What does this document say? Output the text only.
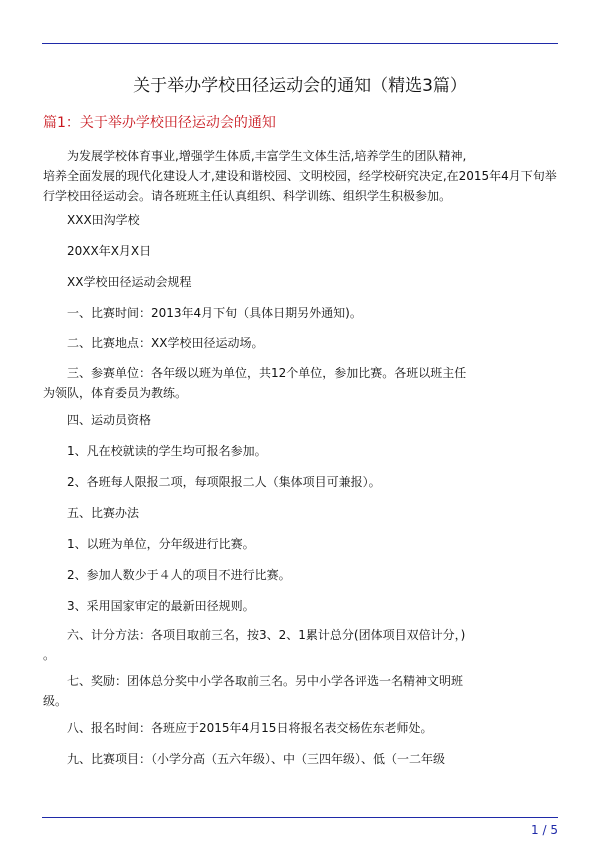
关于举办学校田径运动会的通知（精选3篇）
篇1：关于举办学校田径运动会的通知

为发展学校体育事业,增强学生体质,丰富学生文体生活,培养学生的团队精神,
培养全面发展的现代化建设人才,建设和谐校园、文明校园，经学校研究决定,在2015年4月下旬举
行学校田径运动会。请各班班主任认真组织、科学训练、组织学生积极参加。

XXX田沟学校

20XX年X月X日

XX学校田径运动会规程

一、比赛时间：2013年4月下旬（具体日期另外通知)。

二、比赛地点：XX学校田径运动场。

三、参赛单位：各年级以班为单位，共12个单位，参加比赛。各班以班主任
为领队，体育委员为教练。

四、运动员资格

1、凡在校就读的学生均可报名参加。

2、各班每人限报二项，每项限报二人（集体项目可兼报）。

五、比赛办法

1、以班为单位，分年级进行比赛。

2、参加人数少于４人的项目不进行比赛。

3、采用国家审定的最新田径规则。

六、计分方法：各项目取前三名，按3、2、1累计总分(团体项目双倍计分，)
。

七、奖励：团体总分奖中小学各取前三名。另中小学各评选一名精神文明班
级。

八、报名时间：各班应于2015年4月15日将报名表交杨佐东老师处。

九、比赛项目：（小学分高（五六年级）、中（三四年级）、低（一二年级

1 / 5
